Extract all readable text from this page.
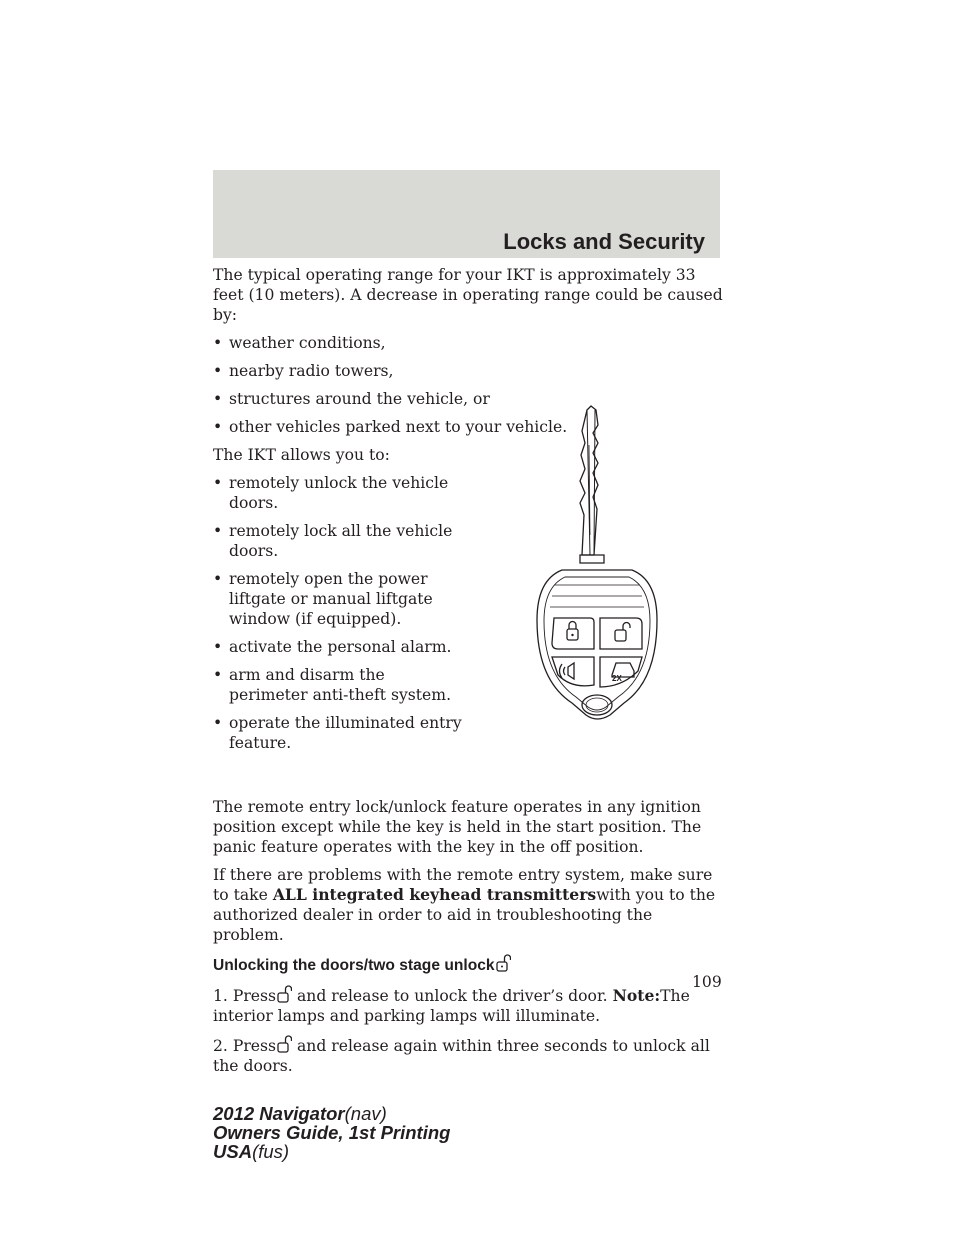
Locks and Security

The typical operating range for your IKT is approximately 33 feet (10 meters). A decrease in operating range could be caused by:

• weather conditions,
• nearby radio towers,
• structures around the vehicle, or
• other vehicles parked next to your vehicle.

The IKT allows you to:

• remotely unlock the vehicle doors.
• remotely lock all the vehicle doors.
• remotely open the power liftgate or manual liftgate window (if equipped).
• activate the personal alarm.
• arm and disarm the perimeter anti-theft system.
• operate the illuminated entry feature.

The remote entry lock/unlock feature operates in any ignition position except while the key is held in the start position. The panic feature operates with the key in the off position.

If there are problems with the remote entry system, make sure to take ALL integrated keyhead transmitterswith you to the authorized dealer in order to aid in troubleshooting the problem.

Unlocking the doors/two stage unlock

1. Press and release to unlock the driver’s door. Note:The interior lamps and parking lamps will illuminate.

2. Press and release again within three seconds to unlock all the doors.

2X
109
2012 Navigator(nav)
Owners Guide, 1st Printing
USA(fus)
